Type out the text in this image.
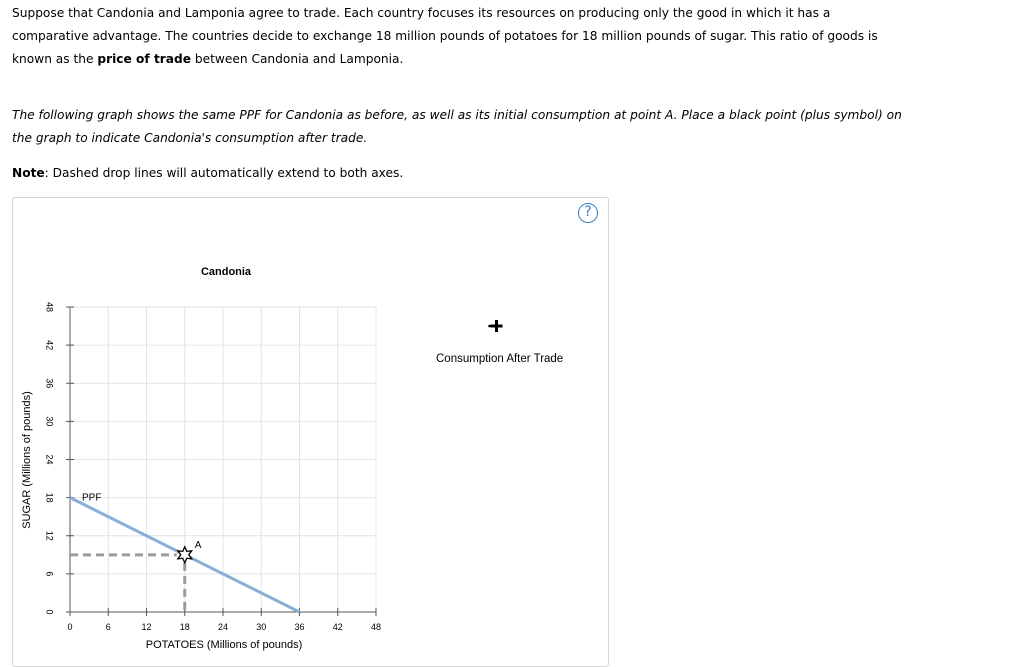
Suppose that Candonia and Lamponia agree to trade. Each country focuses its resources on producing only the good in which it has a comparative advantage. The countries decide to exchange 18 million pounds of potatoes for 18 million pounds of sugar. This ratio of goods is known as the price of trade between Candonia and Lamponia.
The following graph shows the same PPF for Candonia as before, as well as its initial consumption at point A. Place a black point (plus symbol) on the graph to indicate Candonia's consumption after trade.
Note: Dashed drop lines will automatically extend to both axes.
?
0	6	12	18	24	30	36	42	48
0
6
12
18
24
30
36
42
48
Candonia
POTATOES (Millions of pounds)
SUGAR (Millions of pounds)	PPF
A
Consumption After Trade
